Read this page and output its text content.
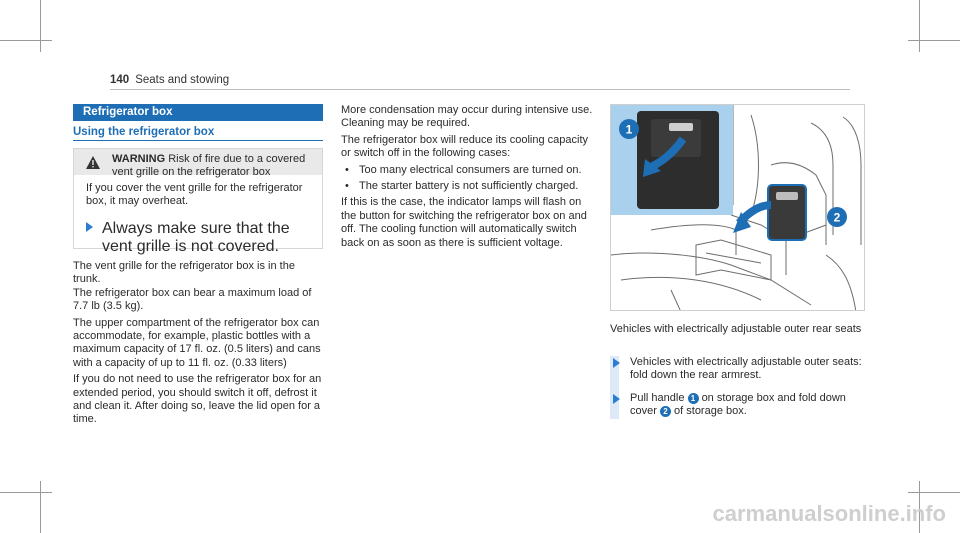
140 Seats and stowing
Refrigerator box
Using the refrigerator box
WARNING Risk of fire due to a covered vent grille on the refrigerator box
If you cover the vent grille for the refrigerator box, it may overheat.
Always make sure that the vent grille is not covered.

The vent grille for the refrigerator box is in the trunk.

The refrigerator box can bear a maximum load of 7.7 lb (3.5 kg).

The upper compartment of the refrigerator box can accommodate, for example, plastic bottles with a maximum capacity of 17 fl. oz. (0.5 liters) and cans with a capacity of up to 11 fl. oz. (0.33 liters)

If you do not need to use the refrigerator box for an extended period, you should switch it off, defrost it and clean it. After doing so, leave the lid open for a time.

More condensation may occur during intensive use. Cleaning may be required.

The refrigerator box will reduce its cooling capacity or switch off in the following cases:

• Too many electrical consumers are turned on.
• The starter battery is not sufficiently charged.

If this is the case, the indicator lamps will flash on the button for switching the refrigerator box on and off. The cooling function will automatically switch back on as soon as there is sufficient voltage.

1
2
Vehicles with electrically adjustable outer rear seats
Vehicles with electrically adjustable outer seats: fold down the rear armrest.
Pull handle 1 on storage box and fold down cover 2 of storage box.
carmanualsonline.info
